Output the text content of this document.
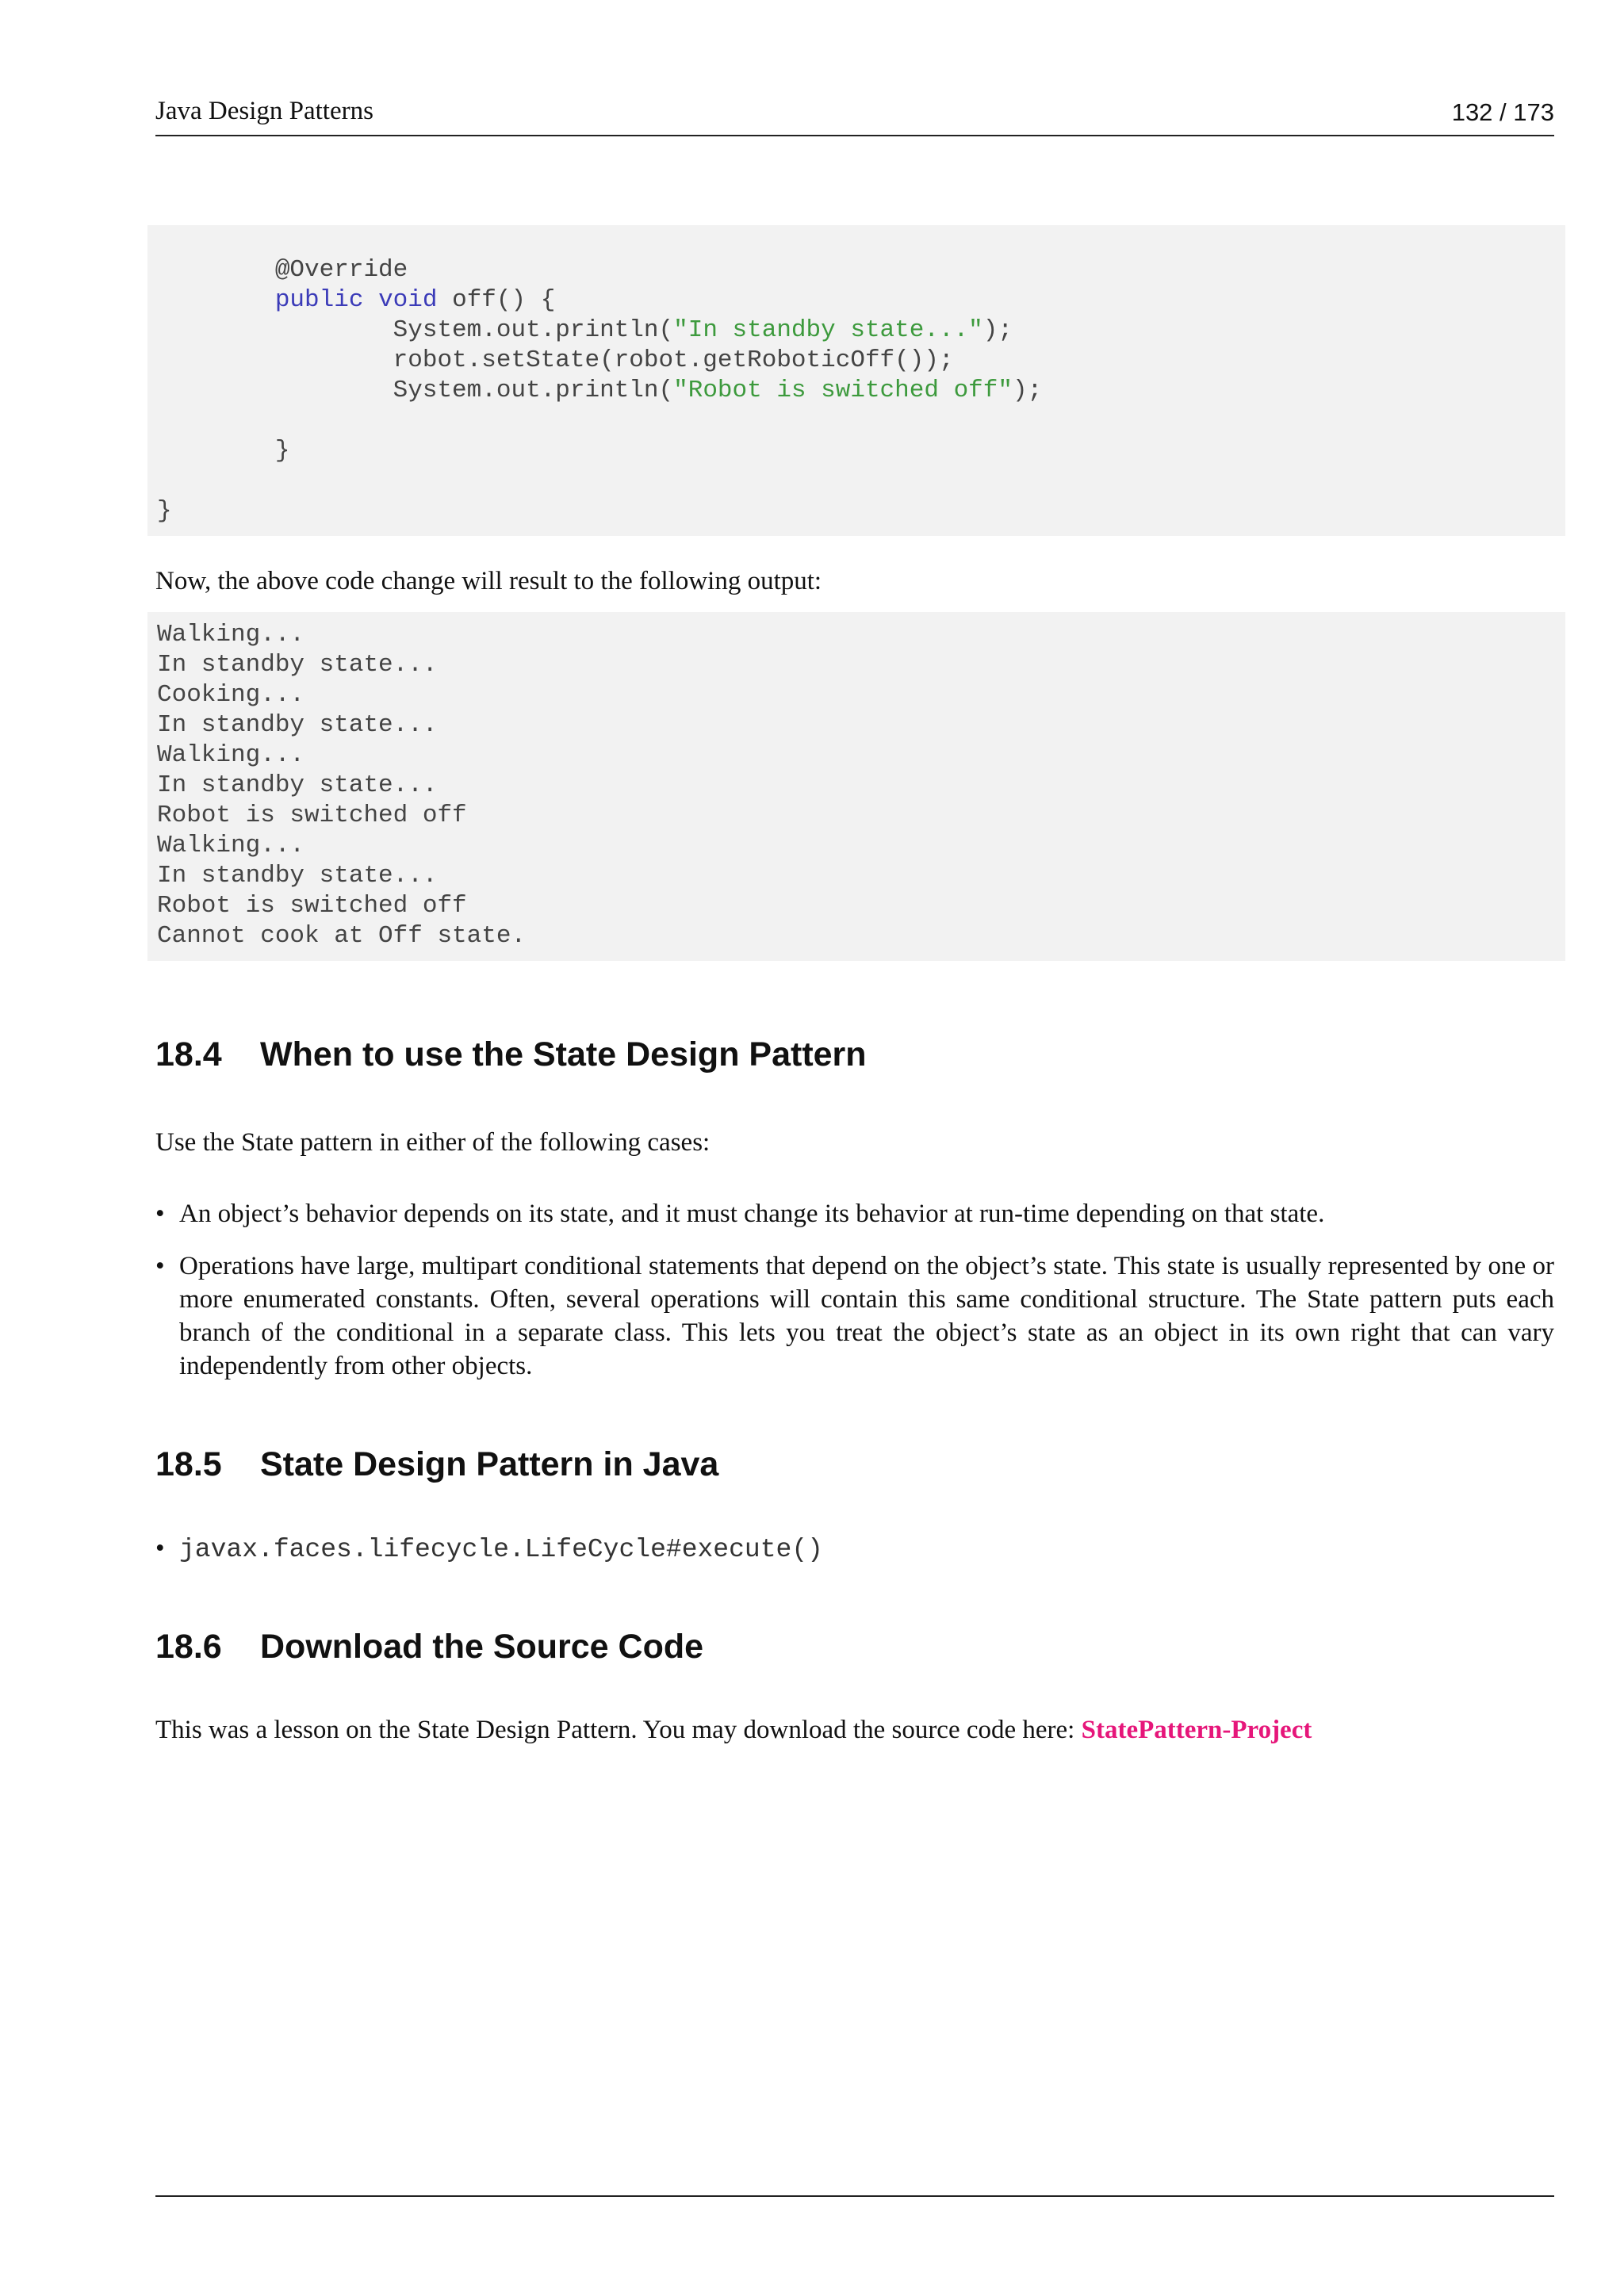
Java Design Patterns	132 / 173
@Override
public void off() {
System.out.println("In standby state...");
robot.setState(robot.getRoboticOff());
System.out.println("Robot is switched off");

}

}

Now, the above code change will result to the following output:

Walking...
In standby state...
Cooking...
In standby state...
Walking...
In standby state...
Robot is switched off
Walking...
In standby state...
Robot is switched off
Cannot cook at Off state.

18.4 When to use the State Design Pattern

Use the State pattern in either of the following cases:

• An object’s behavior depends on its state, and it must change its behavior at run-time depending on that state.
• Operations have large, multipart conditional statements that depend on the object’s state. This state is usually represented by one or more enumerated constants. Often, several operations will contain this same conditional structure. The State pattern puts each branch of the conditional in a separate class. This lets you treat the object’s state as an object in its own right that can vary independently from other objects.
18.5 State Design Pattern in Java
• javax.faces.lifecycle.LifeCycle#execute()
18.6 Download the Source Code

This was a lesson on the State Design Pattern. You may download the source code here: StatePattern-Project
